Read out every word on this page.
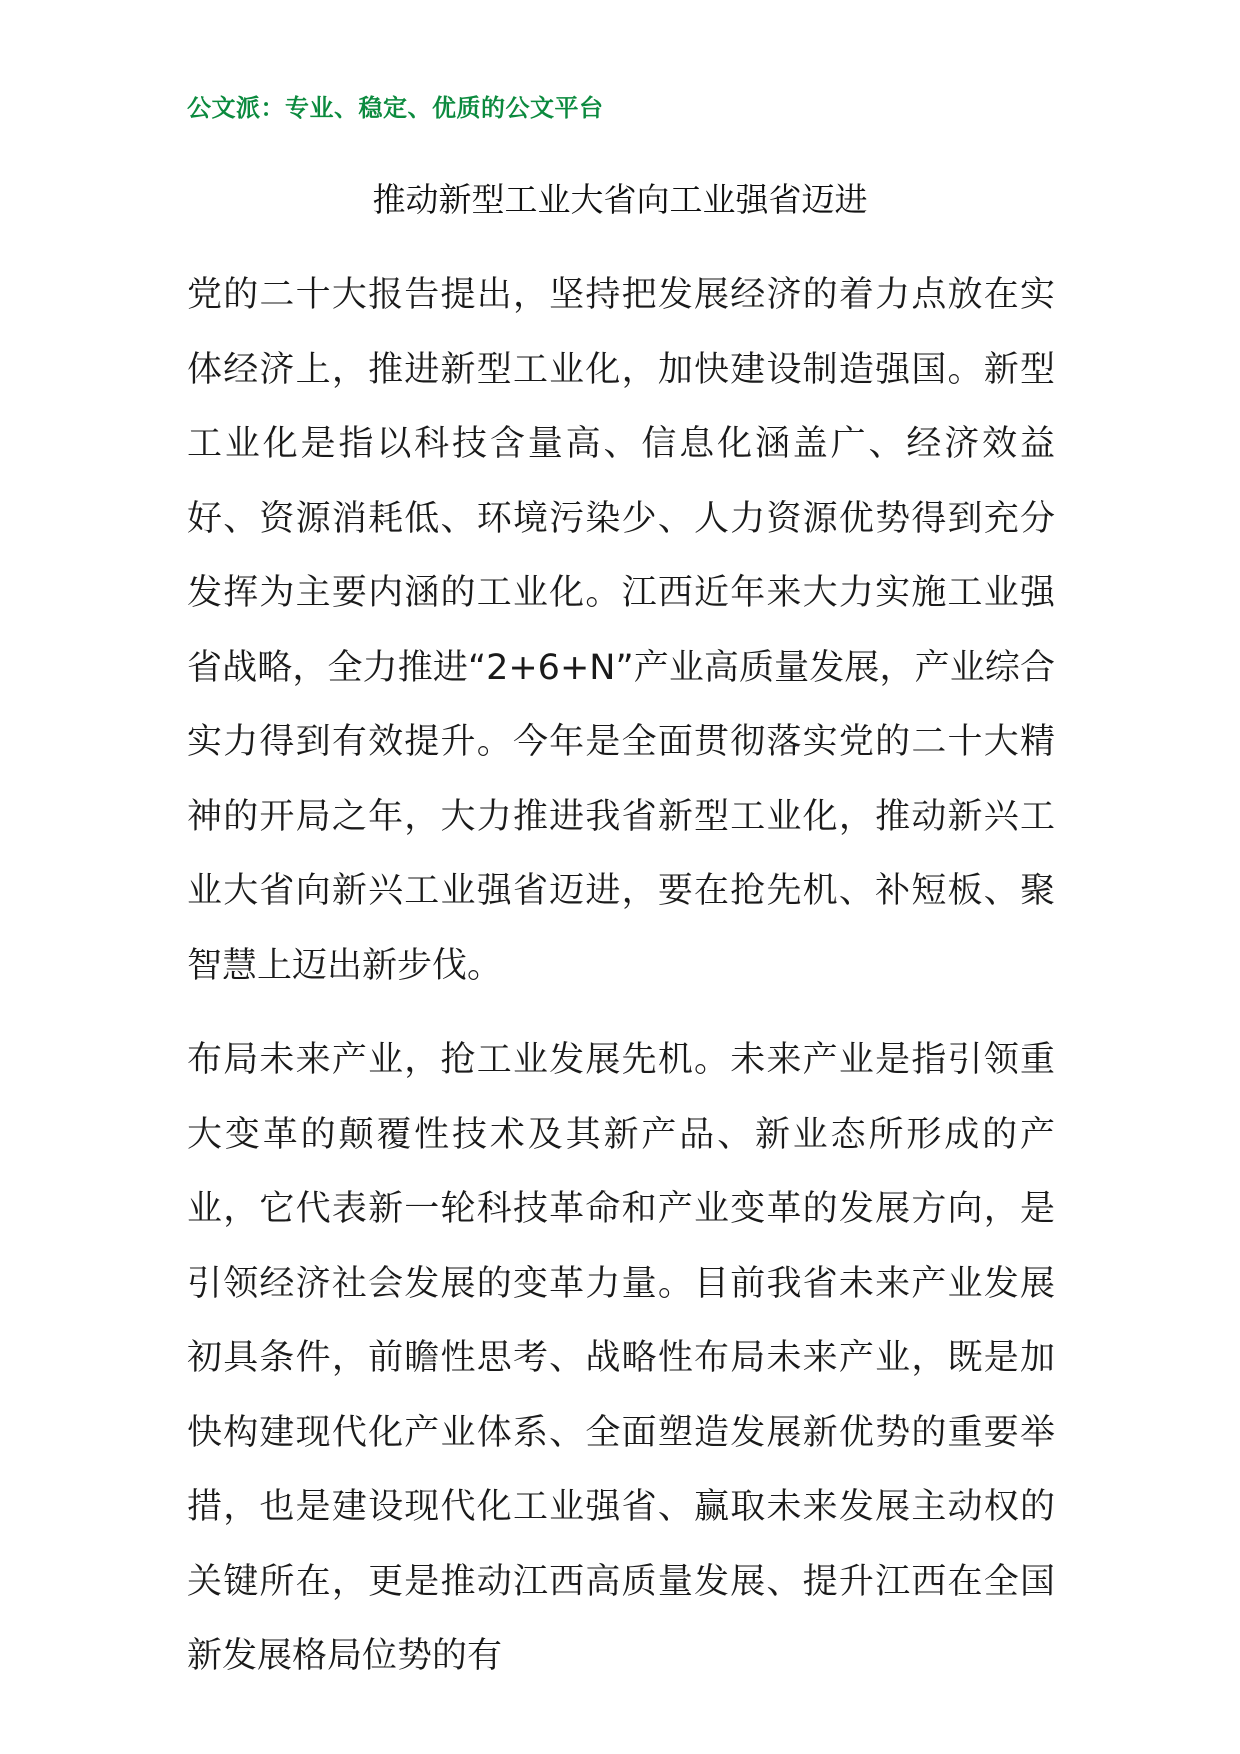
公文派：专业、稳定、优质的公文平台
推动新型工业大省向工业强省迈进

党的二十大报告提出，坚持把发展经济的着力点放在实体经济上，推进新型工业化，加快建设制造强国。新型工业化是指以科技含量高、信息化涵盖广、经济效益好、资源消耗低、环境污染少、人力资源优势得到充分发挥为主要内涵的工业化。江西近年来大力实施工业强省战略，全力推进“2+6+N”产业高质量发展，产业综合实力得到有效提升。今年是全面贯彻落实党的二十大精神的开局之年，大力推进我省新型工业化，推动新兴工业大省向新兴工业强省迈进，要在抢先机、补短板、聚智慧上迈出新步伐。

布局未来产业，抢工业发展先机。未来产业是指引领重大变革的颠覆性技术及其新产品、新业态所形成的产业，它代表新一轮科技革命和产业变革的发展方向，是引领经济社会发展的变革力量。目前我省未来产业发展初具条件，前瞻性思考、战略性布局未来产业，既是加快构建现代化产业体系、全面塑造发展新优势的重要举措，也是建设现代化工业强省、赢取未来发展主动权的关键所在，更是推动江西高质量发展、提升江西在全国新发展格局位势的有
